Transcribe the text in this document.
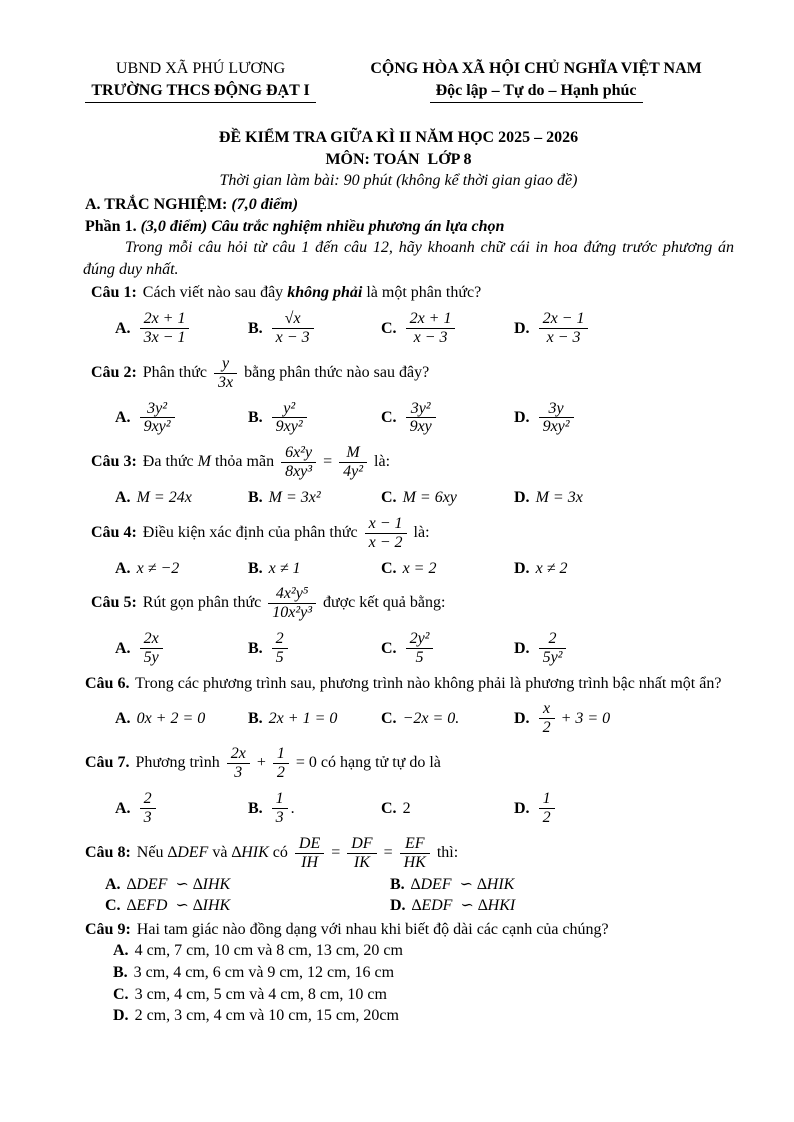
UBND XÃ PHÚ LƯƠNG
TRƯỜNG THCS ĐỘNG ĐẠT I
CỘNG HÒA XÃ HỘI CHỦ NGHĨA VIỆT NAM
Độc lập – Tự do – Hạnh phúc
ĐỀ KIỂM TRA GIỮA KÌ II NĂM HỌC 2025 – 2026
MÔN: TOÁN  LỚP 8
Thời gian làm bài: 90 phút (không kể thời gian giao đề)
A. TRẮC NGHIỆM: (7,0 điểm)
Phần 1. (3,0 điểm) Câu trắc nghiệm nhiều phương án lựa chọn

Trong mỗi câu hỏi từ câu 1 đến câu 12, hãy khoanh chữ cái in hoa đứng trước phương án đúng duy nhất.

Câu 1: Cách viết nào sau đây không phải là một phân thức?
A. $\frac{2x + 1}{3x - 1}$	B. $\frac{√x}{x - 3}$	C. $\frac{2x + 1}{x - 3}$	D. $\frac{2x - 1}{x - 3}$
Câu 2: Phân thức $\frac{y}{3x}$ bằng phân thức nào sau đây?
A. $\frac{\text{3y²}}{\text{9xy²}}$	B. $\frac{\text{y²}}{\text{9xy²}}$	C. $\frac{\text{3y²}}{9xy}$	D. $\frac{3y}{\text{9xy²}}$
Câu 3: Đa thức M thỏa mãn $\frac{\text{6x²y}}{\text{8xy³}} = \frac{M}{\text{4y²}}$ là:
A. M = 24x	B. M = 3x²	C. M = 6xy	D. M = 3x
Câu 4: Điều kiện xác định của phân thức $\frac{x - 1}{x - 2}$ là:
A. x ≠ −2	B. x ≠ 1	C. x = 2	D. x ≠ 2
Câu 5: Rút gọn phân thức $\frac{\text{4x²y⁵}}{\text{10x²y³}}$ được kết quả bằng:
A. $\frac{2x}{5y}$	B. $\frac{2}{5}$	C. $\frac{\text{2y²}}{5}$	D. $\frac{2}{\text{5y²}}$
Câu 6. Trong các phương trình sau, phương trình nào không phải là phương trình bậc nhất một ẩn?
A. 0x + 2 = 0	B. 2x + 1 = 0	C. −2x = 0.	D. $\frac{x}{2} + 3 = 0$
Câu 7. Phương trình $\frac{2x}{3} + \frac{1}{2} = 0$ có hạng tử tự do là
A. $\frac{2}{3}$	B. $\frac{1}{3}$ .	C. 2	D. $\frac{1}{2}$
Câu 8: Nếu ∆DEF và ∆HIK có $\frac{DE}{IH} = \frac{DF}{IK} = \frac{EF}{HK}$ thì:
A. ∆DEF  ∽ ∆IHK	B. ∆DEF  ∽ ∆HIK
C. ∆EFD  ∽ ∆IHK	D. ∆EDF  ∽ ∆HKI
Câu 9: Hai tam giác nào đồng dạng với nhau khi biết độ dài các cạnh của chúng?
A. 4 cm, 7 cm, 10 cm và 8 cm, 13 cm, 20 cm
B. 3 cm, 4 cm, 6 cm và 9 cm, 12 cm, 16 cm
C. 3 cm, 4 cm, 5 cm và 4 cm, 8 cm, 10 cm
D. 2 cm, 3 cm, 4 cm và 10 cm, 15 cm, 20cm
